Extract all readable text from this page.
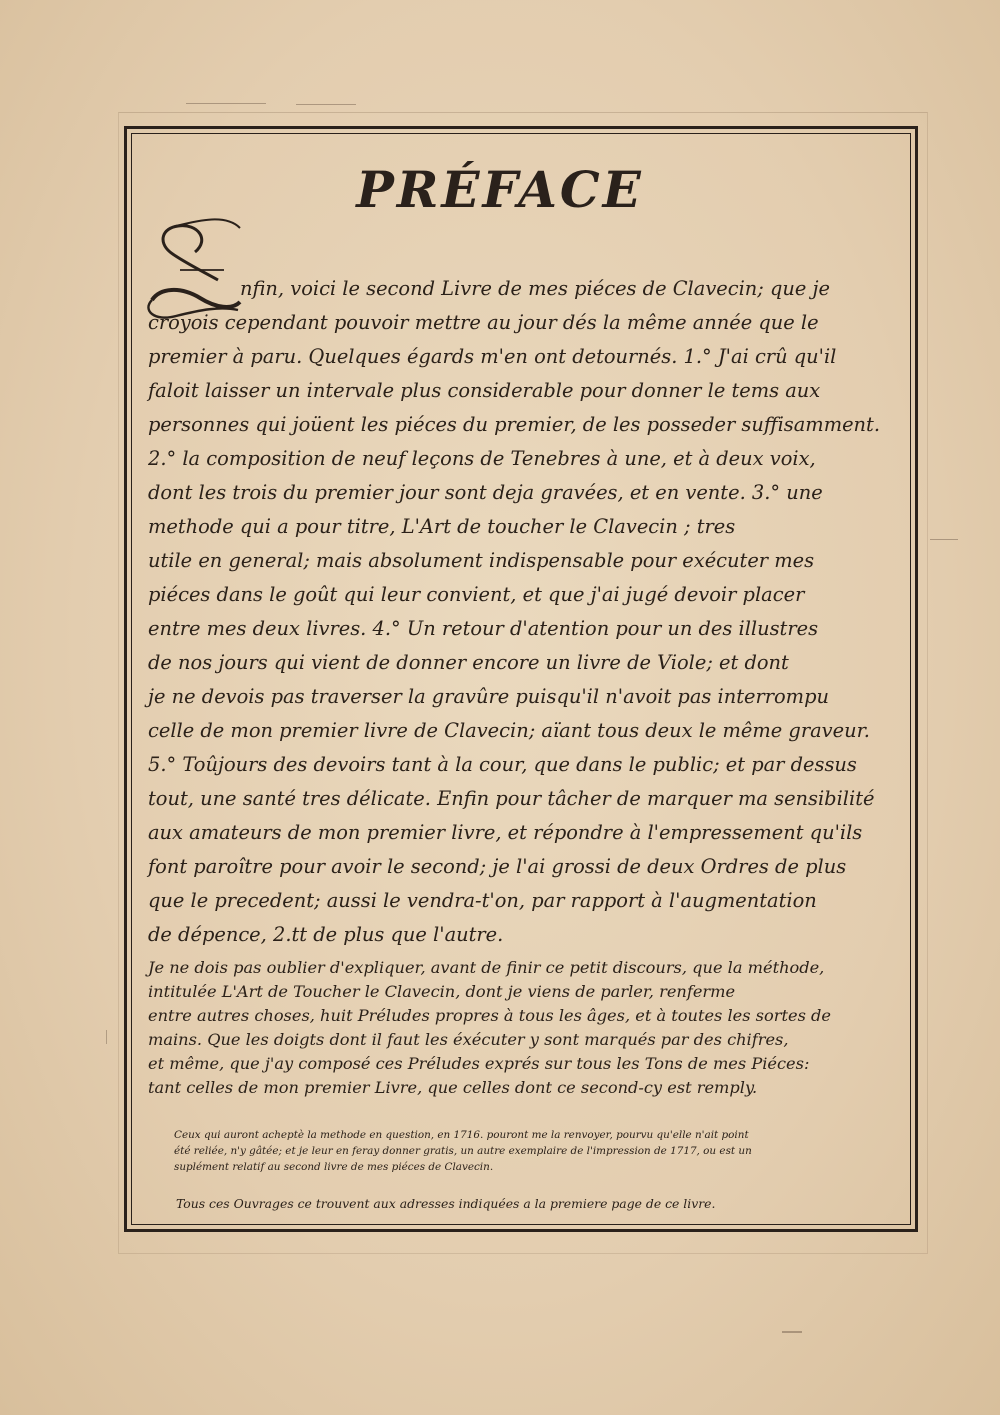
PRÉFACE

nfin, voici le second Livre de mes piéces de Clavecin; que je
croyois cependant pouvoir mettre au jour dés la même année que le
premier à paru. Quelques égards m'en ont detournés. 1.° J'ai crû qu'il
faloit laisser un intervale plus considerable pour donner le tems aux
personnes qui joüent les piéces du premier, de les posseder suffisamment.
2.° la composition de neuf leçons de Tenebres à une, et à deux voix,
dont les trois du premier jour sont deja gravées, et en vente. 3.° une
methode qui a pour titre, L'Art de toucher le Clavecin ; tres
utile en general; mais absolument indispensable pour exécuter mes
piéces dans le goût qui leur convient, et que j'ai jugé devoir placer
entre mes deux livres. 4.° Un retour d'atention pour un des illustres
de nos jours qui vient de donner encore un livre de Viole; et dont
je ne devois pas traverser la gravûre puisqu'il n'avoit pas interrompu
celle de mon premier livre de Clavecin; aïant tous deux le même graveur.
5.° Toûjours des devoirs tant à la cour, que dans le public; et par dessus
tout, une santé tres délicate. Enfin pour tâcher de marquer ma sensibilité
aux amateurs de mon premier livre, et répondre à l'empressement qu'ils
font paroître pour avoir le second; je l'ai grossi de deux Ordres de plus
que le precedent; aussi le vendra-t'on, par rapport à l'augmentation
de dépence, 2.tt de plus que l'autre.

Je ne dois pas oublier d'expliquer, avant de finir ce petit discours, que la méthode,
intitulée L'Art de Toucher le Clavecin, dont je viens de parler, renferme
entre autres choses, huit Préludes propres à tous les âges, et à toutes les sortes de
mains. Que les doigts dont il faut les éxécuter y sont marqués par des chifres,
et même, que j'ay composé ces Préludes exprés sur tous les Tons de mes Piéces:
tant celles de mon premier Livre, que celles dont ce second-cy est remply.

Ceux qui auront acheptè la methode en question, en 1716. pouront me la renvoyer, pourvu qu'elle n'ait point
été reliée, n'y gâtée; et je leur en feray donner gratis, un autre exemplaire de l'impression de 1717, ou est un
suplément relatif au second livre de mes piéces de Clavecin.

Tous ces Ouvrages ce trouvent aux adresses indiquées a la premiere page de ce livre.
